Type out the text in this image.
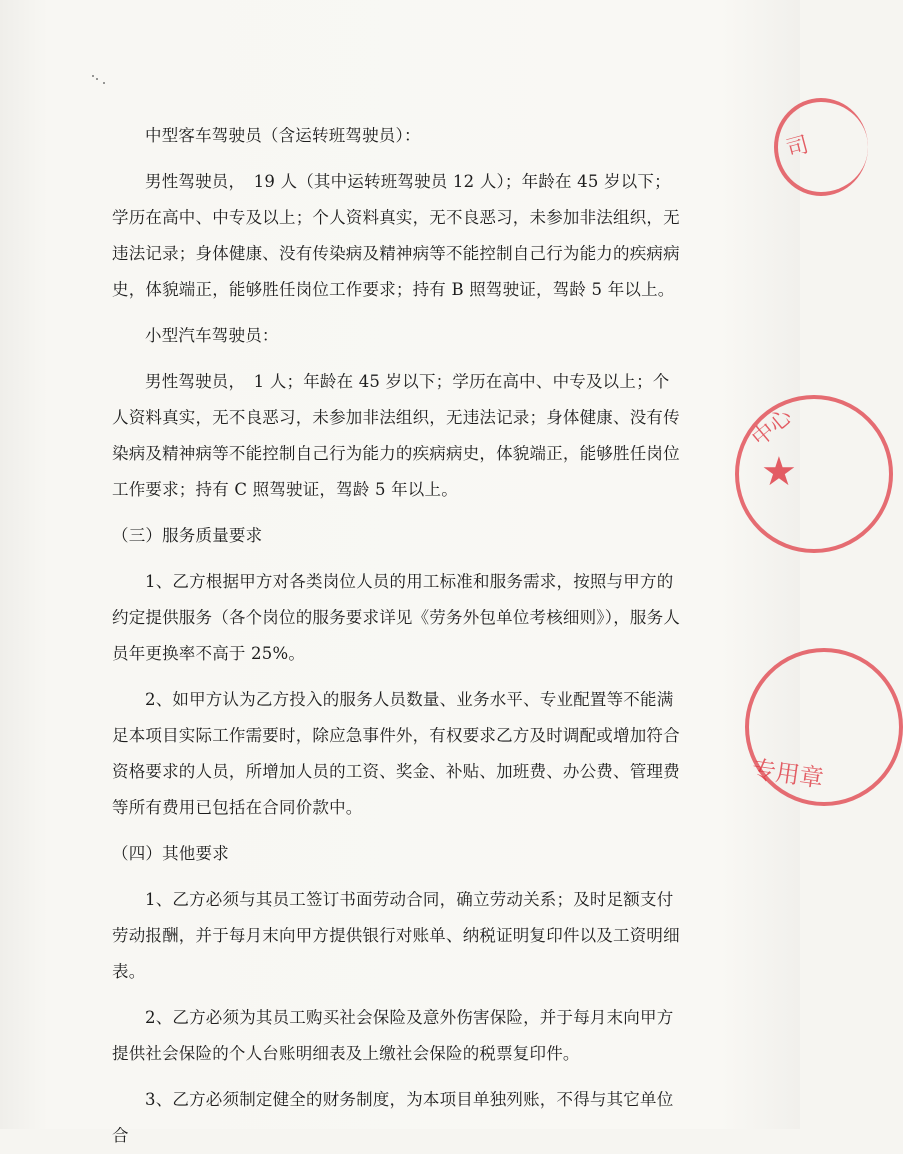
中型客车驾驶员（含运转班驾驶员）：

男性驾驶员，　19 人（其中运转班驾驶员 12 人）；年龄在 45 岁以下；学历在高中、中专及以上；个人资料真实，无不良恶习，未参加非法组织，无违法记录；身体健康、没有传染病及精神病等不能控制自己行为能力的疾病病史，体貌端正，能够胜任岗位工作要求；持有 B 照驾驶证，驾龄 5 年以上。

小型汽车驾驶员：

男性驾驶员，　1 人；年龄在 45 岁以下；学历在高中、中专及以上；个人资料真实，无不良恶习，未参加非法组织，无违法记录；身体健康、没有传染病及精神病等不能控制自己行为能力的疾病病史，体貌端正，能够胜任岗位工作要求；持有 C 照驾驶证，驾龄 5 年以上。

（三）服务质量要求

1、乙方根据甲方对各类岗位人员的用工标准和服务需求，按照与甲方的约定提供服务（各个岗位的服务要求详见《劳务外包单位考核细则》），服务人员年更换率不高于 25%。

2、如甲方认为乙方投入的服务人员数量、业务水平、专业配置等不能满足本项目实际工作需要时，除应急事件外，有权要求乙方及时调配或增加符合资格要求的人员，所增加人员的工资、奖金、补贴、加班费、办公费、管理费等所有费用已包括在合同价款中。

（四）其他要求

1、乙方必须与其员工签订书面劳动合同，确立劳动关系；及时足额支付劳动报酬，并于每月末向甲方提供银行对账单、纳税证明复印件以及工资明细表。

2、乙方必须为其员工购买社会保险及意外伤害保险，并于每月末向甲方提供社会保险的个人台账明细表及上缴社会保险的税票复印件。

3、乙方必须制定健全的财务制度，为本项目单独列账，不得与其它单位合

司
中心
★
专用章
